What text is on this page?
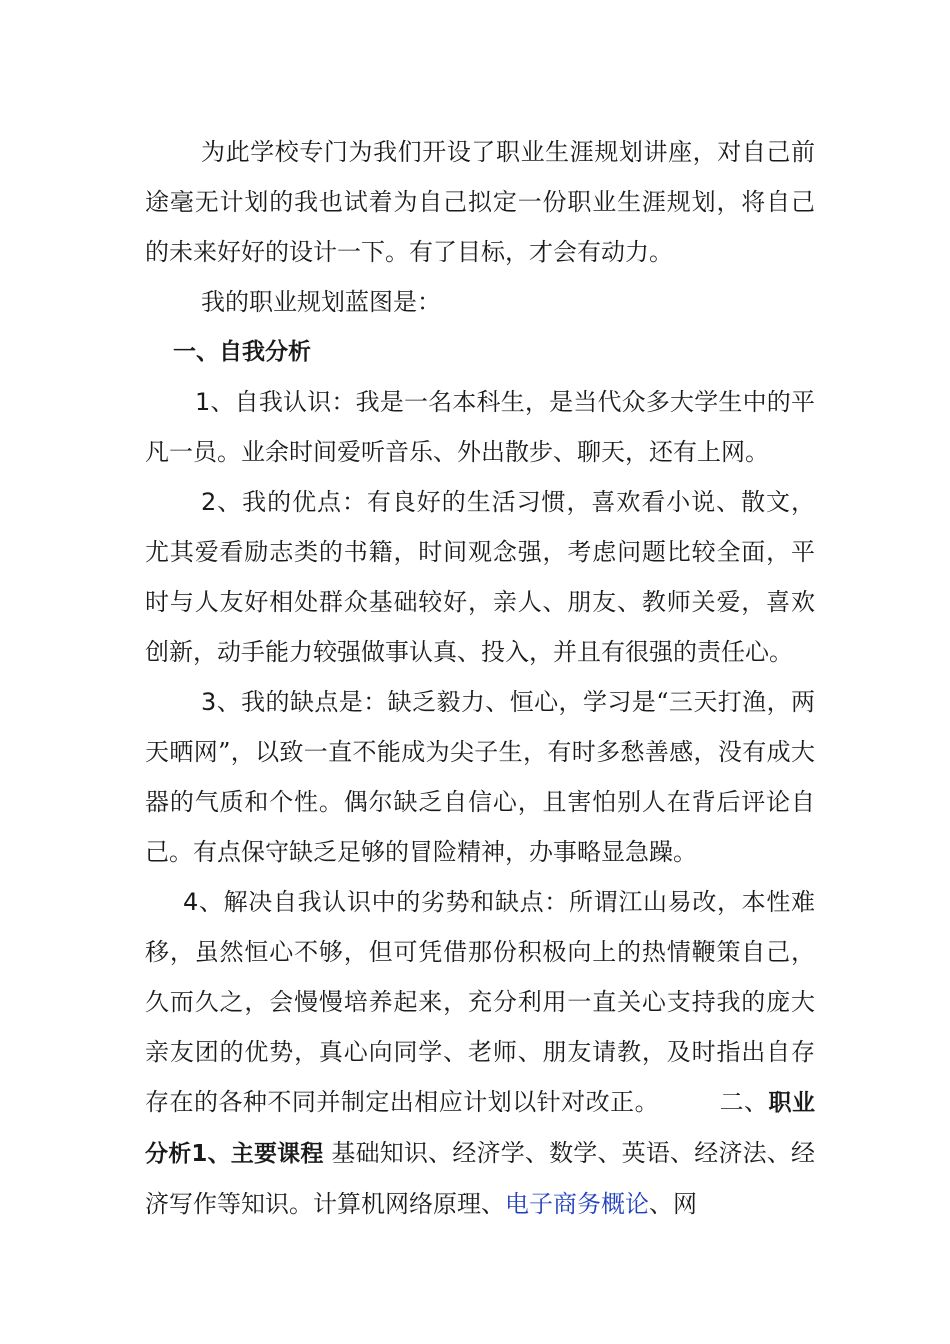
为此学校专门为我们开设了职业生涯规划讲座，对自己前途毫无计划的我也试着为自己拟定一份职业生涯规划，将自己的未来好好的设计一下。有了目标，才会有动力。

我的职业规划蓝图是：

一、自我分析

1、自我认识：我是一名本科生，是当代众多大学生中的平凡一员。业余时间爱听音乐、外出散步、聊天，还有上网。

2、我的优点：有良好的生活习惯，喜欢看小说、散文，尤其爱看励志类的书籍，时间观念强，考虑问题比较全面，平时与人友好相处群众基础较好，亲人、朋友、教师关爱，喜欢创新，动手能力较强做事认真、投入，并且有很强的责任心。

3、我的缺点是：缺乏毅力、恒心，学习是“三天打渔，两天晒网”，以致一直不能成为尖子生，有时多愁善感，没有成大器的气质和个性。偶尔缺乏自信心，且害怕别人在背后评论自己。有点保守缺乏足够的冒险精神，办事略显急躁。

4、解决自我认识中的劣势和缺点：所谓江山易改，本性难移，虽然恒心不够，但可凭借那份积极向上的热情鞭策自己，久而久之，会慢慢培养起来，充分利用一直关心支持我的庞大亲友团的优势，真心向同学、老师、朋友请教，及时指出自存存在的各种不同并制定出相应计划以针对改正。	二、职业分析1、主要课程 基础知识、经济学、数学、英语、经济法、经济写作等知识。计算机网络原理、电子商务概论、网
